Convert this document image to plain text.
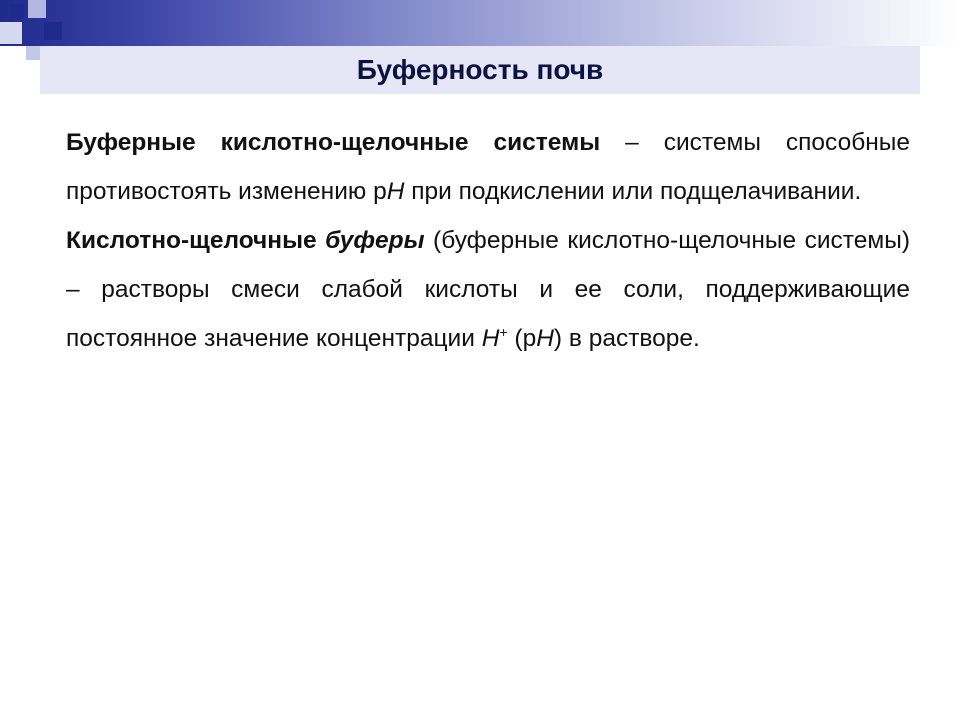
Буферность почв

Буферные кислотно-щелочные системы – системы способные противостоять изменению рH при подкислении или подщелачивании.

Кислотно-щелочные буферы (буферные кислотно-щелочные системы) – растворы смеси слабой кислоты и ее соли, поддерживающие постоянное значение концентрации H+ (рH) в растворе.
